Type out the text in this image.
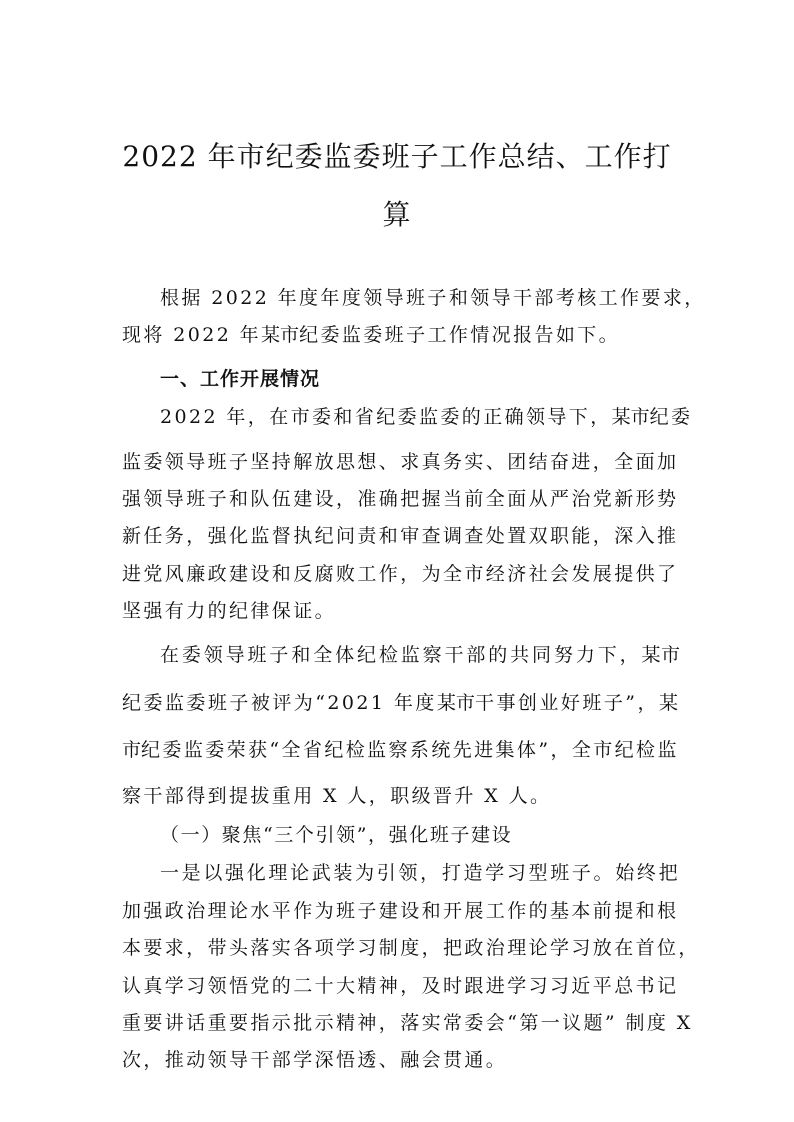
2022 年市纪委监委班子工作总结、工作打
算
根据 2022 年度年度领导班子和领导干部考核工作要求，
现将 2022 年某市纪委监委班子工作情况报告如下。
一、工作开展情况
2022 年，在市委和省纪委监委的正确领导下，某市纪委
监委领导班子坚持解放思想、求真务实、团结奋进，全面加
强领导班子和队伍建设，准确把握当前全面从严治党新形势
新任务，强化监督执纪问责和审查调查处置双职能，深入推
进党风廉政建设和反腐败工作，为全市经济社会发展提供了
坚强有力的纪律保证。
在委领导班子和全体纪检监察干部的共同努力下，某市
纪委监委班子被评为“2021 年度某市干事创业好班子”，某
市纪委监委荣获“全省纪检监察系统先进集体”，全市纪检监
察干部得到提拔重用 X 人，职级晋升 X 人。
（一）聚焦“三个引领”，强化班子建设
一是以强化理论武装为引领，打造学习型班子。始终把
加强政治理论水平作为班子建设和开展工作的基本前提和根
本要求，带头落实各项学习制度，把政治理论学习放在首位，
认真学习领悟党的二十大精神，及时跟进学习习近平总书记
重要讲话重要指示批示精神，落实常委会“第一议题” 制度 X
次，推动领导干部学深悟透、融会贯通。
